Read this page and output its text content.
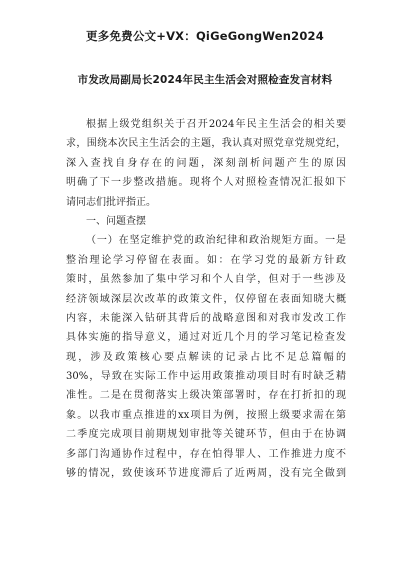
更多免费公文+VX：QiGeGongWen2024
市发改局副局长2024年民主生活会对照检查发言材料
根据上级党组织关于召开2024年民主生活会的相关要
求，围绕本次民主生活会的主题，我认真对照党章党规党纪，
深入查找自身存在的问题，深刻剖析问题产生的原因
明确了下一步整改措施。现将个人对照检查情况汇报如下
请同志们批评指正。
一、问题查摆
（一）在坚定维护党的政治纪律和政治规矩方面。一是
整治理论学习停留在表面。如：在学习党的最新方针政
策时，虽然参加了集中学习和个人自学，但对于一些涉及
经济领域深层次改革的政策文件，仅停留在表面知晓大概
内容，未能深入钻研其背后的战略意图和对我市发改工作
具体实施的指导意义，通过对近几个月的学习笔记检查发
现，涉及政策核心要点解读的记录占比不足总篇幅的
30%，导致在实际工作中运用政策推动项目时有时缺乏精
准性。二是在贯彻落实上级决策部署时，存在打折扣的现
象。以我市重点推进的xx项目为例，按照上级要求需在第
二季度完成项目前期规划审批等关键环节，但由于在协调
多部门沟通协作过程中，存在怕得罪人、工作推进力度不
够的情况，致使该环节进度滞后了近两周，没有完全做到
